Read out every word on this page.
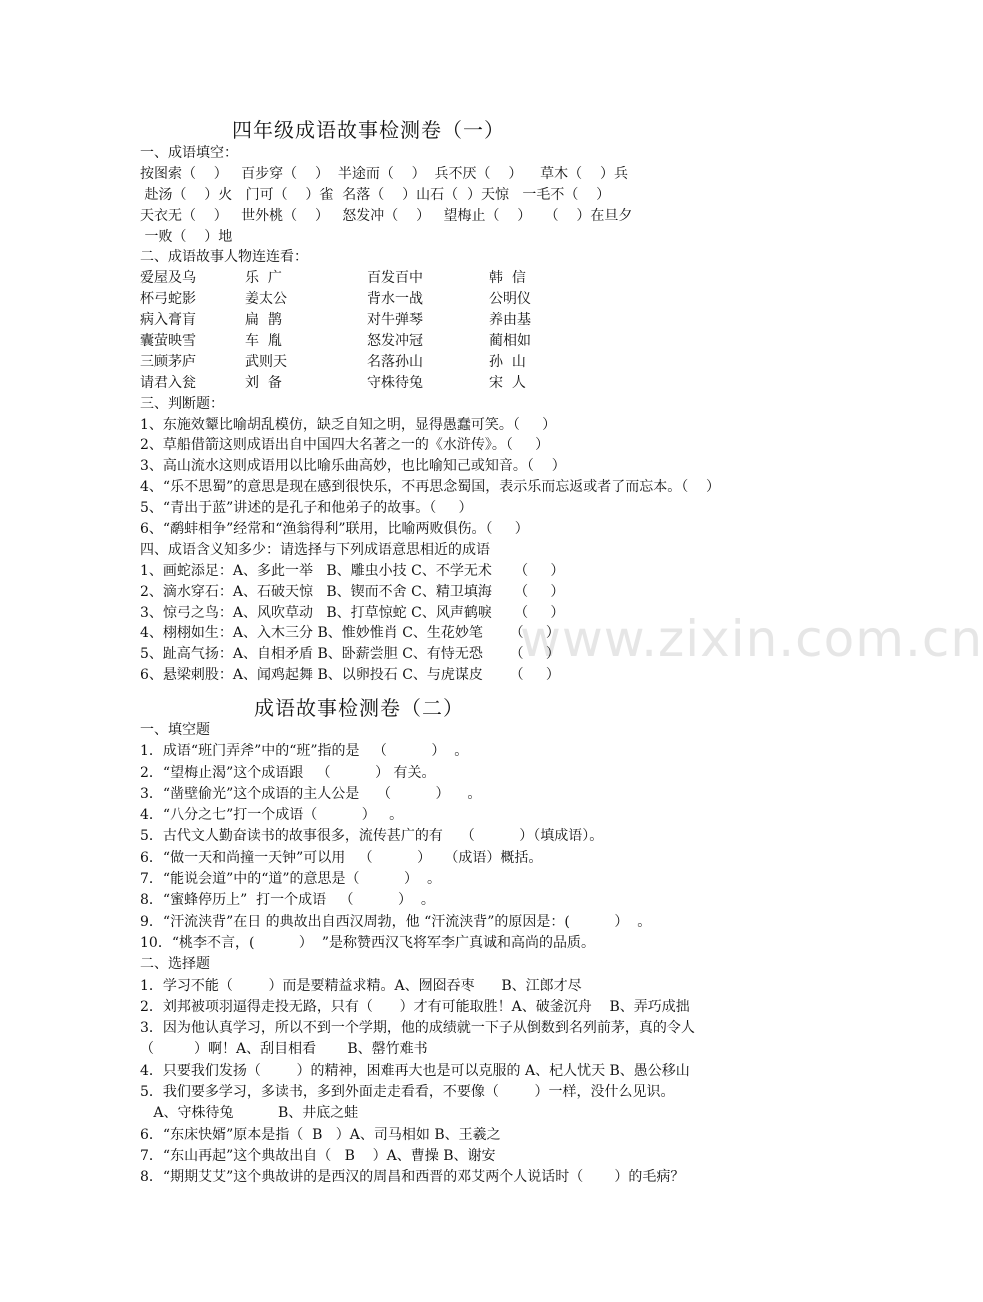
www.zixin.com.cn
四年级成语故事检测卷（一）
一、成语填空：
按图索（    ）   百步穿（    ）  半途而（    ）  兵不厌（    ）    草木（    ）兵
赴汤（    ）火   门可（    ）雀  名落（    ）山石（  ）天惊   一毛不（    ）
天衣无（    ）   世外桃（    ）   怒发冲（    ）   望梅止（    ）   （    ）在旦夕
一败（    ）地
二、成语故事人物连连看：
爱屋及乌	乐  广	百发百中	韩  信
杯弓蛇影	姜太公	背水一战	公明仪
病入膏肓	扁  鹊	对牛弹琴	养由基
囊萤映雪	车  胤	怒发冲冠	蔺相如
三顾茅庐	武则天	名落孙山	孙  山
请君入瓮	刘  备	守株待兔	宋  人
三、判断题：
1、东施效颦比喻胡乱模仿，缺乏自知之明，显得愚蠢可笑。（     ）
2、草船借箭这则成语出自中国四大名著之一的《水浒传》。（     ）
3、高山流水这则成语用以比喻乐曲高妙，也比喻知己或知音。（    ）
4、“乐不思蜀”的意思是现在感到很快乐，不再思念蜀国，表示乐而忘返或者了而忘本。（    ）
5、“青出于蓝”讲述的是孔子和他弟子的故事。（     ）
6、“鹬蚌相争”经常和“渔翁得利”联用，比喻两败俱伤。（     ）
四、成语含义知多少：请选择与下列成语意思相近的成语
1、画蛇添足：A、多此一举   B、雕虫小技 C、不学无术     （     ）
2、滴水穿石：A、石破天惊   B、锲而不舍 C、精卫填海     （     ）
3、惊弓之鸟：A、风吹草动   B、打草惊蛇 C、风声鹤唳     （     ）
4、栩栩如生：A、入木三分 B、惟妙惟肖 C、生花妙笔      （     ）
5、趾高气扬：A、自相矛盾 B、卧薪尝胆 C、有恃无恐      （     ）
6、悬梁刺股：A、闻鸡起舞 B、以卵投石 C、与虎谋皮      （     ）
成语故事检测卷（二）
一、填空题
1．成语“班门弄斧”中的“班”指的是   （          ）  。
2．“望梅止渴”这个成语跟   （          ） 有关。
3．“凿壁偷光”这个成语的主人公是    （          ）    。
4．“八分之七”打一个成语（          ）   。
5．古代文人勤奋读书的故事很多，流传甚广的有    （          ）（填成语）。
6．“做一天和尚撞一天钟”可以用   （          ）   （成语）概括。
7．“能说会道”中的“道”的意思是（          ）  。
8．“蜜蜂停历上”  打一个成语   （          ）  。
9．“汗流浃背”在日 的典故出自西汉周勃，他 “汗流浃背”的原因是：(          ）  。
10．“桃李不言，(          ）  ”是称赞西汉飞将军李广真诚和高尚的品质。
二、选择题
1．学习不能（        ）而是要精益求精。A、囫囵吞枣      B、江郎才尽
2．刘邦被项羽逼得走投无路，只有（      ）才有可能取胜！A、破釜沉舟    B、弄巧成拙
3．因为他认真学习，所以不到一个学期，他的成绩就一下子从倒数到名列前茅，真的令人
（         ）啊！A、刮目相看       B、罄竹难书
4．只要我们发扬（        ）的精神，困难再大也是可以克服的 A、杞人忧天 B、愚公移山
5．我们要多学习，多读书，多到外面走走看看，不要像（        ）一样，没什么见识。
A、守株待兔          B、井底之蛙
6．“东床快婿”原本是指（  B   ）A、司马相如 B、王羲之
7．“东山再起”这个典故出自（   B    ）A、曹操 B、谢安
8．“期期艾艾”这个典故讲的是西汉的周昌和西晋的邓艾两个人说话时（       ）的毛病？
